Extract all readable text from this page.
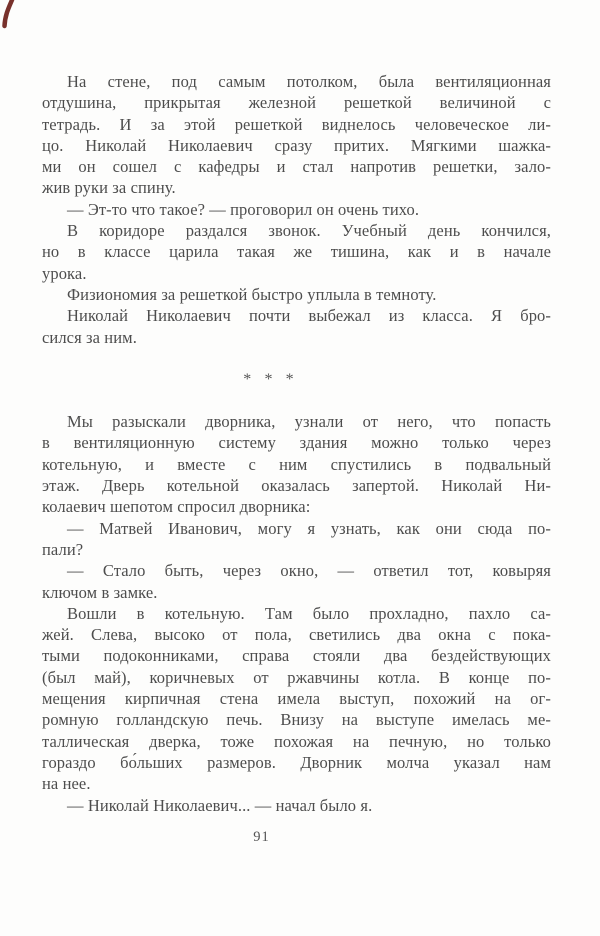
На стене, под самым потолком, была вентиляционная
отдушина, прикрытая железной решеткой величиной с
тетрадь. И за этой решеткой виднелось человеческое ли-
цо. Николай Николаевич сразу притих. Мягкими шажка-
ми он сошел с кафедры и стал напротив решетки, зало-
жив руки за спину.
— Эт-то что такое? — проговорил он очень тихо.
В коридоре раздался звонок. Учебный день кончился,
но в классе царила такая же тишина, как и в начале
урока.
Физиономия за решеткой быстро уплыла в темноту.
Николай Николаевич почти выбежал из класса. Я бро-
сился за ним.
* * *
Мы разыскали дворника, узнали от него, что попасть
в вентиляционную систему здания можно только через
котельную, и вместе с ним спустились в подвальный
этаж. Дверь котельной оказалась запертой. Николай Ни-
колаевич шепотом спросил дворника:
— Матвей Иванович, могу я узнать, как они сюда по-
пали?
— Стало быть, через окно, — ответил тот, ковыряя
ключом в замке.
Вошли в котельную. Там было прохладно, пахло са-
жей. Слева, высоко от пола, светились два окна с пока-
тыми подоконниками, справа стояли два бездействующих
(был май), коричневых от ржавчины котла. В конце по-
мещения кирпичная стена имела выступ, похожий на ог-
ромную голландскую печь. Внизу на выступе имелась ме-
таллическая дверка, тоже похожая на печную, но только
гораздо бо́льших размеров. Дворник молча указал нам
на нее.
— Николай Николаевич... — начал было я.
91
